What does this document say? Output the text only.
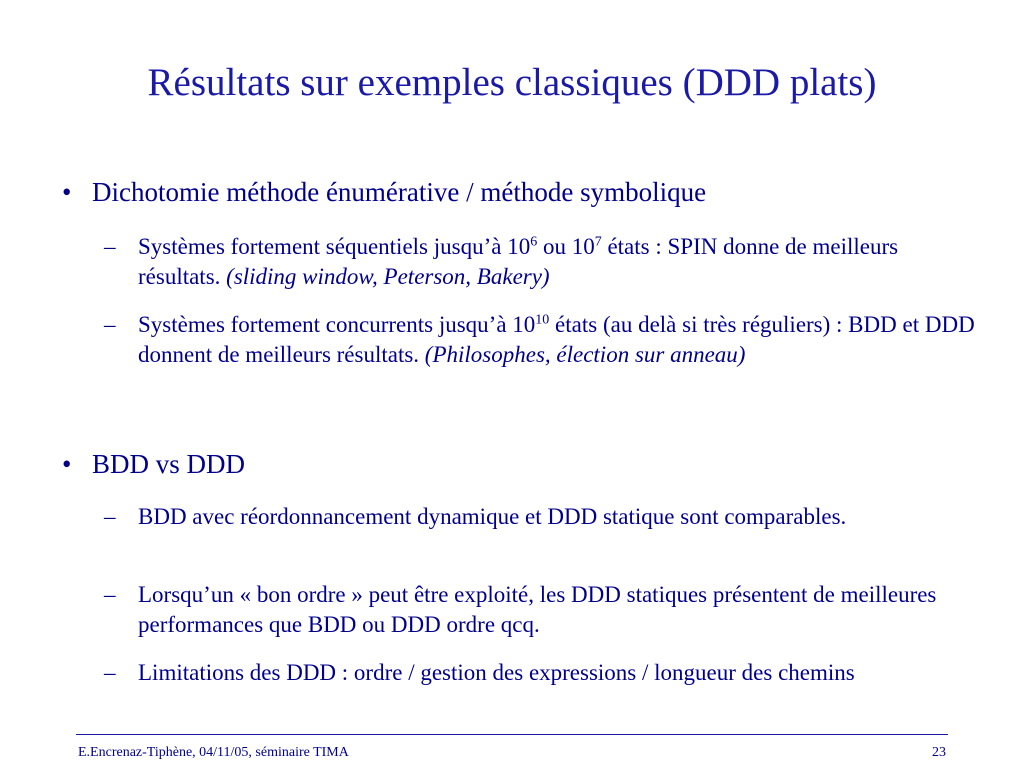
Résultats sur exemples classiques (DDD plats)
• Dichotomie méthode énumérative / méthode symbolique
– Systèmes fortement séquentiels jusqu’à $10^6$ ou $10^7$ états : SPIN donne de meilleurs résultats. (sliding window, Peterson, Bakery)
– Systèmes fortement concurrents jusqu’à $10^{10}$ états (au delà si très réguliers) : BDD et DDD donnent de meilleurs résultats. (Philosophes, élection sur anneau)
• BDD vs DDD
– BDD avec réordonnancement dynamique et DDD statique sont comparables.
– Lorsqu’un « bon ordre » peut être exploité, les DDD statiques présentent de meilleures performances que BDD ou DDD ordre qcq.
– Limitations des DDD : ordre / gestion des expressions / longueur des chemins
E.Encrenaz-Tiphène, 04/11/05, séminaire TIMA	23
